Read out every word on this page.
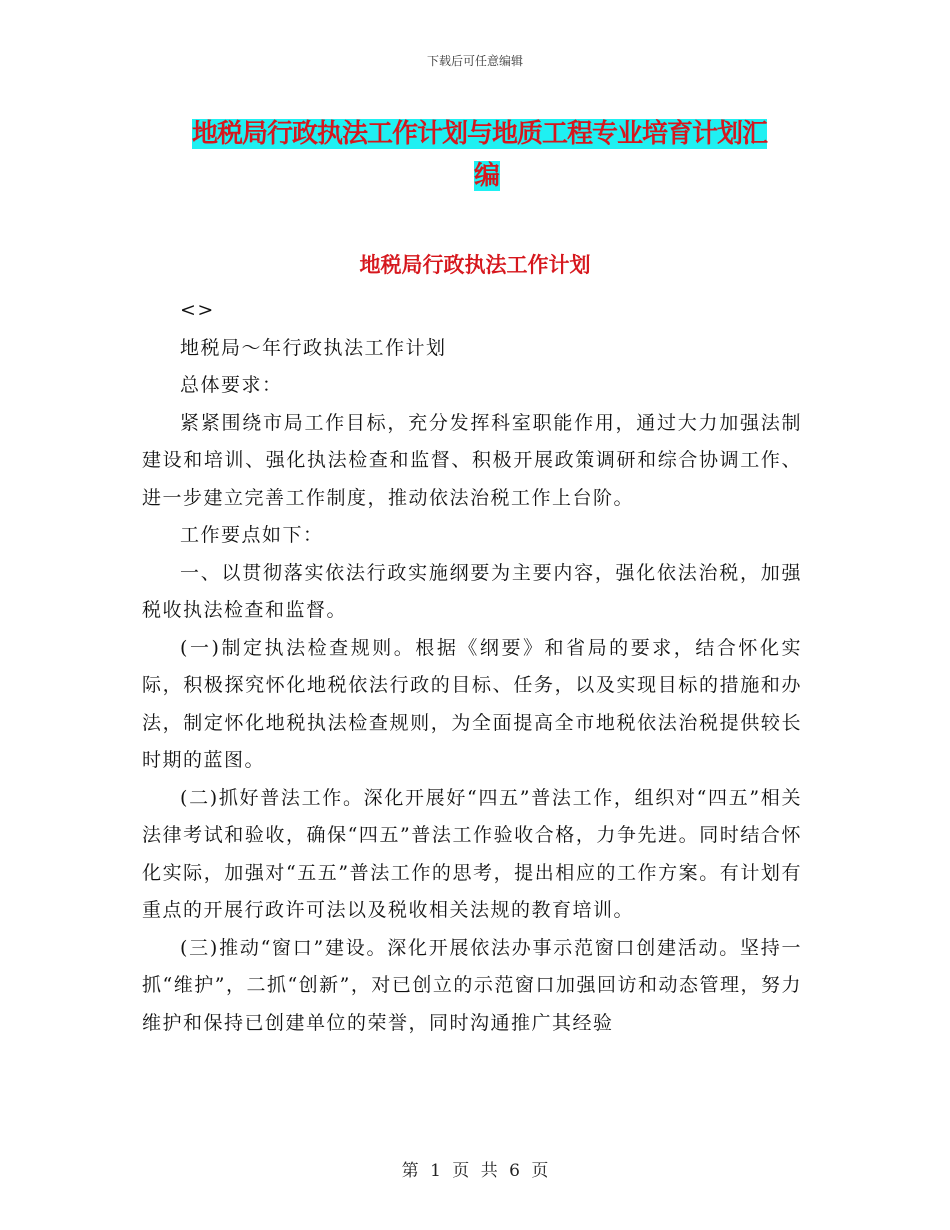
下载后可任意编辑
地税局行政执法工作计划与地质工程专业培育计划汇
编
地税局行政执法工作计划

<>

地税局～年行政执法工作计划

总体要求：

紧紧围绕市局工作目标，充分发挥科室职能作用，通过大力加强法制建设和培训、强化执法检查和监督、积极开展政策调研和综合协调工作、进一步建立完善工作制度，推动依法治税工作上台阶。

工作要点如下：

一、以贯彻落实依法行政实施纲要为主要内容，强化依法治税，加强税收执法检查和监督。

(一)制定执法检查规则。根据《纲要》和省局的要求，结合怀化实际，积极探究怀化地税依法行政的目标、任务，以及实现目标的措施和办法，制定怀化地税执法检查规则，为全面提高全市地税依法治税提供较长时期的蓝图。

(二)抓好普法工作。深化开展好“四五”普法工作，组织对“四五”相关法律考试和验收，确保“四五”普法工作验收合格，力争先进。同时结合怀化实际，加强对“五五”普法工作的思考，提出相应的工作方案。有计划有重点的开展行政许可法以及税收相关法规的教育培训。

(三)推动“窗口”建设。深化开展依法办事示范窗口创建活动。坚持一抓“维护”，二抓“创新”，对已创立的示范窗口加强回访和动态管理，努力维护和保持已创建单位的荣誉，同时沟通推广其经验

第 1 页 共 6 页
